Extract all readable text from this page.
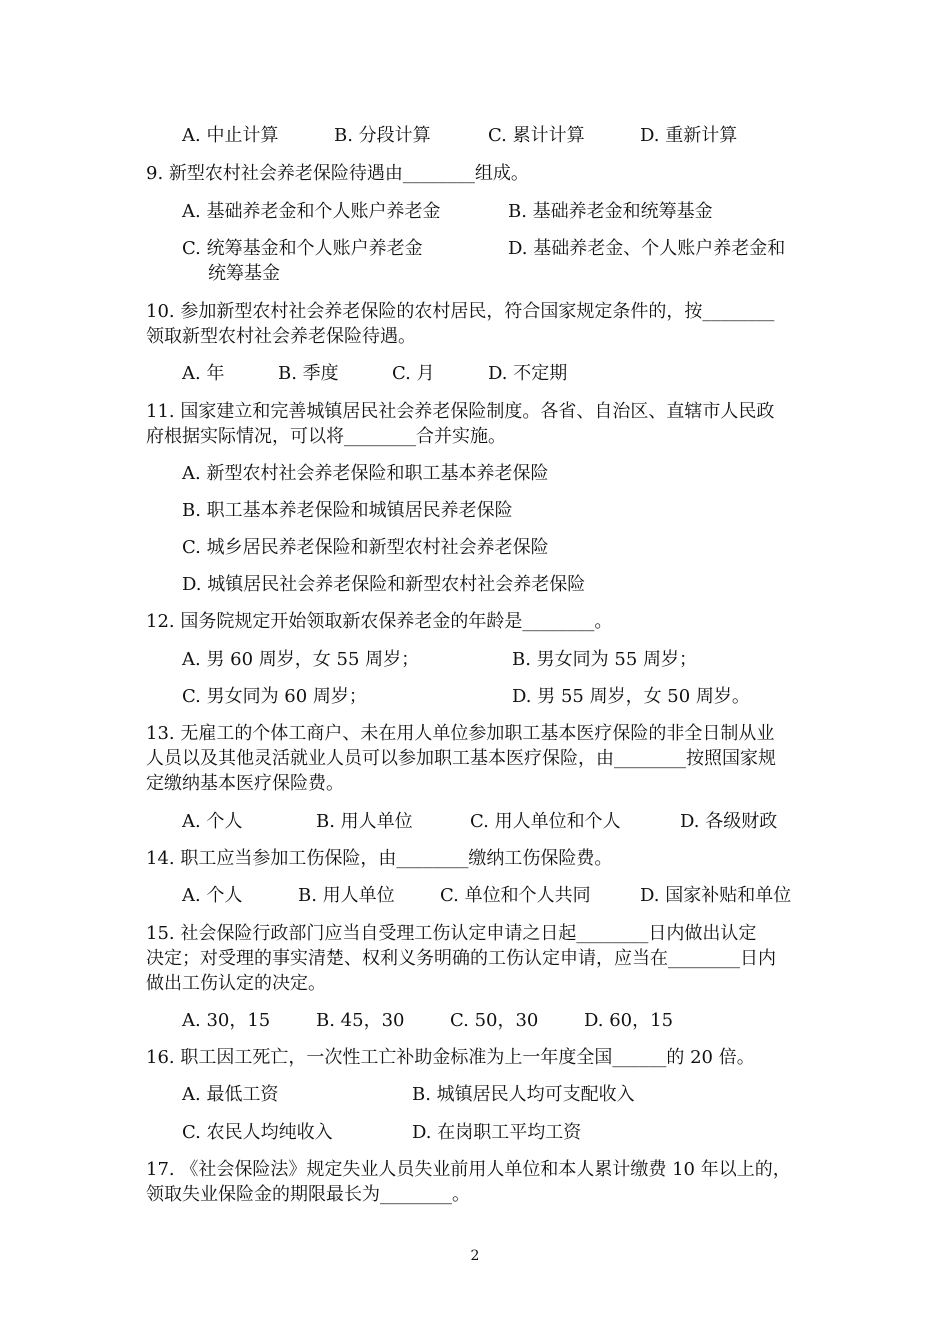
A. 中止计算

	B. 分段计算

	C. 累计计算

	D. 重新计算

9. 新型农村社会养老保险待遇由________组成。

A. 基础养老金和个人账户养老金

	B. 基础养老金和统筹基金

C. 统筹基金和个人账户养老金

	D. 基础养老金、个人账户养老金和

统筹基金
10. 参加新型农村社会养老保险的农村居民，符合国家规定条件的，按________
领取新型农村社会养老保险待遇。

A. 年

	B. 季度

	C. 月

	D. 不定期

11. 国家建立和完善城镇居民社会养老保险制度。各省、自治区、直辖市人民政
府根据实际情况，可以将________合并实施。
A. 新型农村社会养老保险和职工基本养老保险
B. 职工基本养老保险和城镇居民养老保险
C. 城乡居民养老保险和新型农村社会养老保险
D. 城镇居民社会养老保险和新型农村社会养老保险
12. 国务院规定开始领取新农保养老金的年龄是________。

A. 男 60 周岁，女 55 周岁；

	B. 男女同为 55 周岁；

C. 男女同为 60 周岁；

	D. 男 55 周岁，女 50 周岁。

13. 无雇工的个体工商户、未在用人单位参加职工基本医疗保险的非全日制从业
人员以及其他灵活就业人员可以参加职工基本医疗保险，由________按照国家规
定缴纳基本医疗保险费。

A. 个人

	B. 用人单位

	C. 用人单位和个人

	D. 各级财政

14. 职工应当参加工伤保险，由________缴纳工伤保险费。

A. 个人

	B. 用人单位

	C. 单位和个人共同

	D. 国家补贴和单位

15. 社会保险行政部门应当自受理工伤认定申请之日起________日内做出认定
决定；对受理的事实清楚、权利义务明确的工伤认定申请，应当在________日内
做出工伤认定的决定。

A. 30，15

	B. 45，30

	C. 50，30

	D. 60，15

16. 职工因工死亡，一次性工亡补助金标准为上一年度全国______的 20 倍。

A. 最低工资

	B. 城镇居民人均可支配收入

C. 农民人均纯收入

	D. 在岗职工平均工资

17. 《社会保险法》规定失业人员失业前用人单位和本人累计缴费 10 年以上的，
领取失业保险金的期限最长为________。
2
